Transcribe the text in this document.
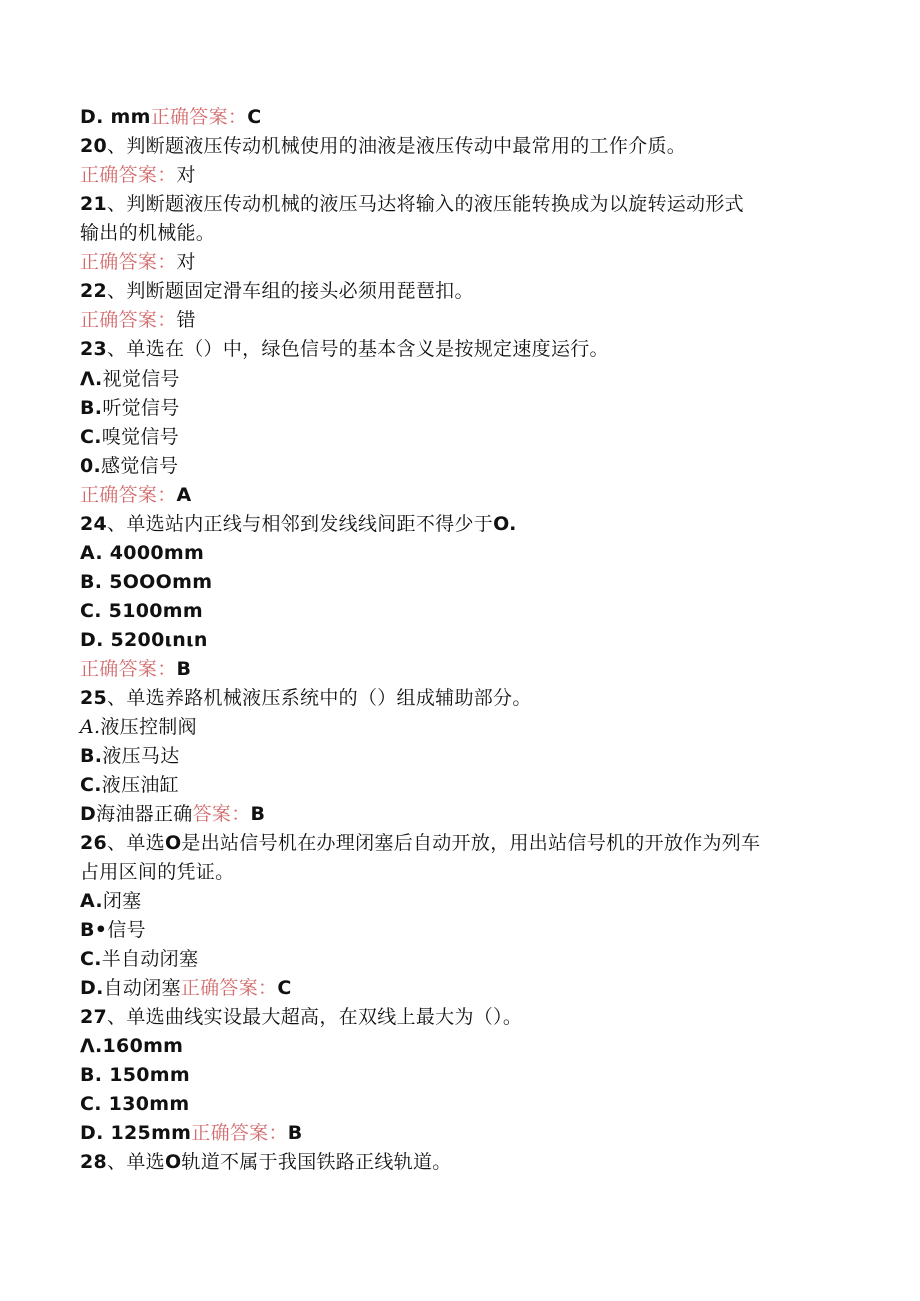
D. mm正确答案：C
20、判断题液压传动机械使用的油液是液压传动中最常用的工作介质。
正确答案：对
21、判断题液压传动机械的液压马达将输入的液压能转换成为以旋转运动形式
输出的机械能。
正确答案：对
22、判断题固定滑车组的接头必须用琵琶扣。
正确答案：错
23、单选在（）中，绿色信号的基本含义是按规定速度运行。
Λ.视觉信号
B.听觉信号
C.嗅觉信号
0.感觉信号
正确答案：A
24、单选站内正线与相邻到发线线间距不得少于O.
A. 4000mm
B. 5OOOmm
C. 5100mm
D. 5200ιnιn
正确答案：B
25、单选养路机械液压系统中的（）组成辅助部分。
A.液压控制阀
B.液压马达
C.液压油缸
D海油器正确答案：B
26、单选O是出站信号机在办理闭塞后自动开放，用出站信号机的开放作为列车
占用区间的凭证。
A.闭塞
B•信号
C.半自动闭塞
D.自动闭塞正确答案：C
27、单选曲线实设最大超高，在双线上最大为（）。
Λ.160mm
B. 150mm
C. 130mm
D. 125mm正确答案：B
28、单选O轨道不属于我国铁路正线轨道。
